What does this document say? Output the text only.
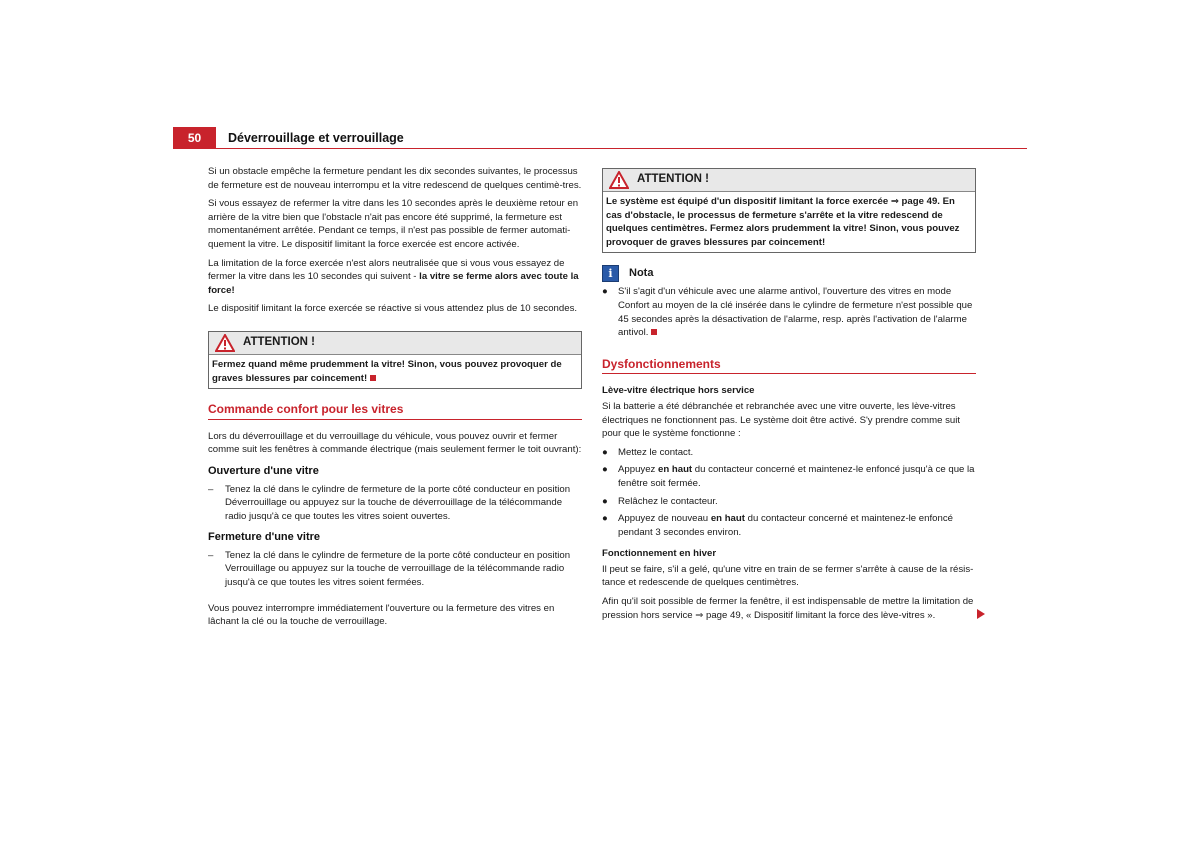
50	Déverrouillage et verrouillage

Si un obstacle empêche la fermeture pendant les dix secondes suivantes, le processus de fermeture est de nouveau interrompu et la vitre redescend de quelques centimè-tres.

Si vous essayez de refermer la vitre dans les 10 secondes après le deuxième retour en arrière de la vitre bien que l'obstacle n'ait pas encore été supprimé, la fermeture est momentanément arrêtée. Pendant ce temps, il n'est pas possible de fermer automati-quement la vitre. Le dispositif limitant la force exercée est encore activée.

La limitation de la force exercée n'est alors neutralisée que si vous vous essayez de fermer la vitre dans les 10 secondes qui suivent - la vitre se ferme alors avec toute la force!

Le dispositif limitant la force exercée se réactive si vous attendez plus de 10 secondes.

ATTENTION !
Fermez quand même prudemment la vitre! Sinon, vous pouvez provoquer de graves blessures par coincement!
Commande confort pour les vitres

Lors du déverrouillage et du verrouillage du véhicule, vous pouvez ouvrir et fermer comme suit les fenêtres à commande électrique (mais seulement fermer le toit ouvrant):

Ouverture d'une vitre
– Tenez la clé dans le cylindre de fermeture de la porte côté conducteur en position Déverrouillage ou appuyez sur la touche de déverrouillage de la télécommande radio jusqu'à ce que toutes les vitres soient ouvertes.
Fermeture d'une vitre
– Tenez la clé dans le cylindre de fermeture de la porte côté conducteur en position Verrouillage ou appuyez sur la touche de verrouillage de la télécommande radio jusqu'à ce que toutes les vitres soient fermées.

Vous pouvez interrompre immédiatement l'ouverture ou la fermeture des vitres en lâchant la clé ou la touche de verrouillage.

ATTENTION !
Le système est équipé d'un dispositif limitant la force exercée ⇒ page 49. En cas d'obstacle, le processus de fermeture s'arrête et la vitre redescend de quelques centimètres. Fermez alors prudemment la vitre! Sinon, vous pouvez provoquer de graves blessures par coincement!
i	Nota
● S'il s'agit d'un véhicule avec une alarme antivol, l'ouverture des vitres en mode Confort au moyen de la clé insérée dans le cylindre de fermeture n'est possible que 45 secondes après la désactivation de l'alarme, resp. après l'activation de l'alarme antivol.
Dysfonctionnements
Lève-vitre électrique hors service

Si la batterie a été débranchée et rebranchée avec une vitre ouverte, les lève-vitres électriques ne fonctionnent pas. Le système doit être activé. S'y prendre comme suit pour que le système fonctionne :

● Mettez le contact.
● Appuyez en haut du contacteur concerné et maintenez-le enfoncé jusqu'à ce que la fenêtre soit fermée.
● Relâchez le contacteur.
● Appuyez de nouveau en haut du contacteur concerné et maintenez-le enfoncé pendant 3 secondes environ.
Fonctionnement en hiver

Il peut se faire, s'il a gelé, qu'une vitre en train de se fermer s'arrête à cause de la résis-tance et redescende de quelques centimètres.

Afin qu'il soit possible de fermer la fenêtre, il est indispensable de mettre la limitation de pression hors service ⇒ page 49, « Dispositif limitant la force des lève-vitres ».
